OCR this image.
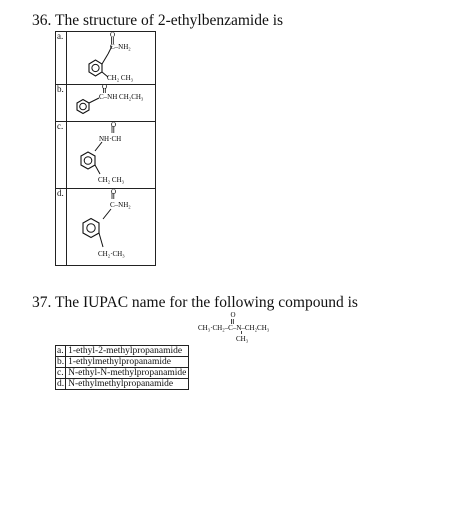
36. The structure of 2-ethylbenzamide is
a.	O
C–NH₂
CH₂ CH₃

b.	O
C–NH CH₂CH₃

c.	O
NH·CH
CH₂ CH₃

d.	O
C–NH₂
CH₂·CH₃
37. The IUPAC name for the following compound is
O
CH₃·CH₂–C–N–CH₂CH₃
CH₃
a.	1-ethyl-2-methylpropanamide
b.	1-ethylmethylpropanamide
c.	N-ethyl-N-methylpropanamide
d.	N-ethylmethylpropanamide
